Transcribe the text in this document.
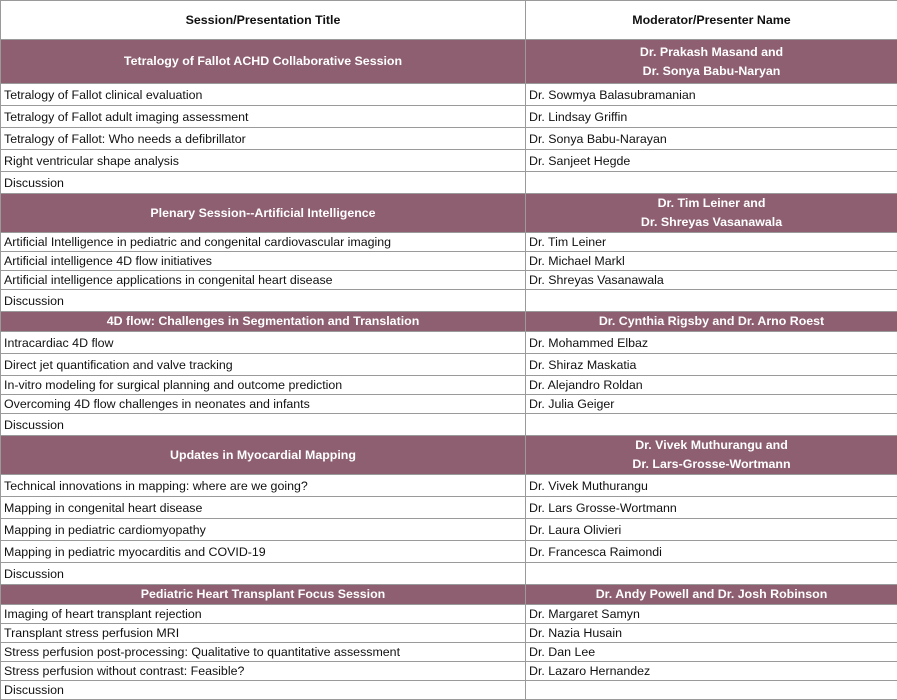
Session/Presentation Title	Moderator/Presenter Name
Tetralogy of Fallot ACHD Collaborative Session	Dr. Prakash Masand and
Dr. Sonya Babu-Naryan

Tetralogy of Fallot clinical evaluation	Dr. Sowmya Balasubramanian
Tetralogy of Fallot adult imaging assessment	Dr. Lindsay Griffin
Tetralogy of Fallot: Who needs a defibrillator	Dr. Sonya Babu-Narayan
Right ventricular shape analysis	Dr. Sanjeet Hegde
Discussion	
Plenary Session--Artificial Intelligence	Dr. Tim Leiner and
Dr. Shreyas Vasanawala

Artificial Intelligence in pediatric and congenital cardiovascular imaging	Dr. Tim Leiner
Artificial intelligence 4D flow initiatives	Dr. Michael Markl
Artificial intelligence applications in congenital heart disease	Dr. Shreyas Vasanawala
Discussion	
4D flow: Challenges in Segmentation and Translation	Dr. Cynthia Rigsby and Dr. Arno Roest

Intracardiac 4D flow	Dr. Mohammed Elbaz
Direct jet quantification and valve tracking	Dr. Shiraz Maskatia
In-vitro modeling for surgical planning and outcome prediction	Dr. Alejandro Roldan
Overcoming 4D flow challenges in neonates and infants	Dr. Julia Geiger
Discussion	
Updates in Myocardial Mapping	Dr. Vivek Muthurangu and
Dr. Lars-Grosse-Wortmann

Technical innovations in mapping: where are we going?	Dr. Vivek Muthurangu
Mapping in congenital heart disease	Dr. Lars Grosse-Wortmann
Mapping in pediatric cardiomyopathy	Dr. Laura Olivieri
Mapping in pediatric myocarditis and COVID-19	Dr. Francesca Raimondi
Discussion	
Pediatric Heart Transplant Focus Session	Dr. Andy Powell and Dr. Josh Robinson

Imaging of heart transplant rejection	Dr. Margaret Samyn
Transplant stress perfusion MRI	Dr. Nazia Husain
Stress perfusion post-processing: Qualitative to quantitative assessment	Dr. Dan Lee
Stress perfusion without contrast: Feasible?	Dr. Lazaro Hernandez
Discussion	
